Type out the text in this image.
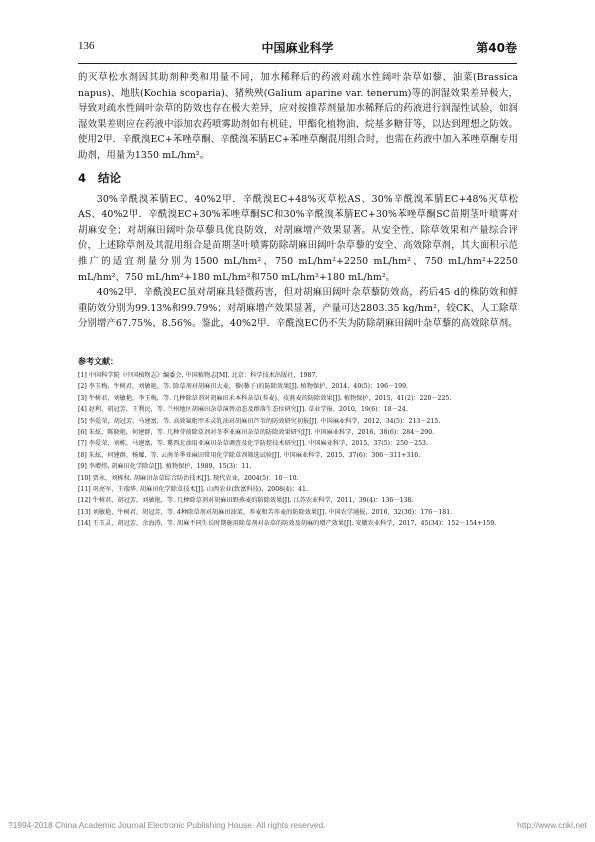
136	中国麻业科学	第40卷

的灭草松水剂因其助剂种类和用量不同，加水稀释后的药液对疏水性阔叶杂草如藜、油菜(Brassica napus)、地肤(Kochia scoparia)、猪殃殃(Galium aparine var. tenerum)等的润湿效果差异极大，导致对疏水性阔叶杂草的防效也存在极大差异，应对按推荐剂量加水稀释后的药液进行润湿性试验，如润湿效果差则应在药液中添加农药喷雾助剂如有机硅、甲酯化植物油、烷基多糖苷等，以达到理想之防效。使用2甲．辛酰溴EC+苯唑草酮、辛酰溴苯腈EC+苯唑草酮混用组合时，也需在药液中加入苯唑草酮专用助剂，用量为1350 mL/hm²。

4 结论

30%辛酰溴苯腈EC、40%2甲．辛酰溴EC+48%灭草松AS、30%辛酰溴苯腈EC+48%灭草松AS、40%2甲．辛酰溴EC+30%苯唑草酮SC和30%辛酰溴苯腈EC+30%苯唑草酮SC苗期茎叶喷雾对胡麻安全；对胡麻田阔叶杂草藜具优良防效，对胡麻增产效果显著。从安全性、除草效果和产量综合评价，上述除草剂及其混用组合是苗期茎叶喷雾防除胡麻田阔叶杂草藜的安全、高效除草剂，其大面积示范推广的适宜剂量分别为1500 mL/hm²、750 mL/hm²+2250 mL/hm²、750 mL/hm²+2250 mL/hm²、750 mL/hm²+180 mL/hm²和750 mL/hm²+180 mL/hm²。

40%2甲．辛酰溴EC虽对胡麻具轻微药害，但对胡麻田阔叶杂草藜防效高，药后45 d的株防效和鲜重防效分别为99.13%和99.79%；对胡麻增产效果显著，产量可达2803.35 kg/hm²，较CK、人工除草分别增产67.75%、8.56%。鉴此，40%2甲．辛酰溴EC仍不失为防除胡麻田阔叶杂草藜的高效除草剂。

参考文献：
[1] 中国科学院《中国植物志》编委会. 中国植物志[M]. 北京：科学技术出版社，1987.
[2] 李玉梅，牛树君，刘敏艳，等. 除草剂对胡麻田大麦、藜(藜子)的防除效果[J]. 植物保护，2014，40(5)：196－199.
[3] 牛树君，刘敏艳，李玉梅，等. 几种除草剂对胡麻田禾本科杂草(荞麦)、皮燕麦的防除效果[J]. 植物保护，2015，41(2)：220－225.
[4] 赵利，胡冠芳，王利民，等. 兰州地区胡麻田杂草演替动态及群落生态位研究[J]. 草业学报，2010，19(6)：18－24.
[5] 李爱荣，胡冠芳，马建富，等. 高效氟吡甲禾灵乳油对胡麻田芦苇的防效研究初报[J]. 中国麻业科学，2012，34(5)：213－215.
[6] 朱炫，陈晓艳，何建群，等. 几种芽前除草剂对冬季亚麻田杂草的防除效果研究[J]. 中国麻业科学，2016，38(6)：284－290.
[7] 李爱荣，刘栋，马建富，等. 冀西北油用亚麻田杂草调查及化学防控技术研究[J]. 中国麻业科学，2015，37(5)：250－253.
[8] 朱炫，何建群，杨耀，等. 云南冬季亚麻田常用化学除草剂筛选试验[J]. 中国麻业科学，2015，37(6)：306－311+316.
[9] 李增炜. 胡麻田化学除草[J]. 植物保护，1989，15(3)：11.
[10] 贾永，刘栋权. 胡麻田杂草综合防治技术[J]. 现代农业，2004(5)：10－10.
[11] 巩亮军，王瑞华. 胡麻田化学除草技术[J]. 山西农业(致富科技)，2008(4)：41.
[12] 牛树君，胡冠芳，刘敏艳，等. 几种除草剂对胡麻田野燕麦的防除效果[J]. 江苏农业科学，2011，39(4)：136－138.
[13] 刘敏艳，牛树君，胡冠芳，等. 4种除草剂对胡麻田油菜、荞麦和苦荞麦的防除效果[J]. 中国农学通报，2016，32(30)：176－181.
[14] 王玉灵，胡冠芳，余海涛，等. 胡麻不同生长时期施用除草剂对杂草的防效及胡麻的增产效果[J]. 安徽农业科学，2017，45(34)：152－154+159.
?1994-2018 China Academic Journal Electronic Publishing House. All rights reserved.	http://www.cnki.net
